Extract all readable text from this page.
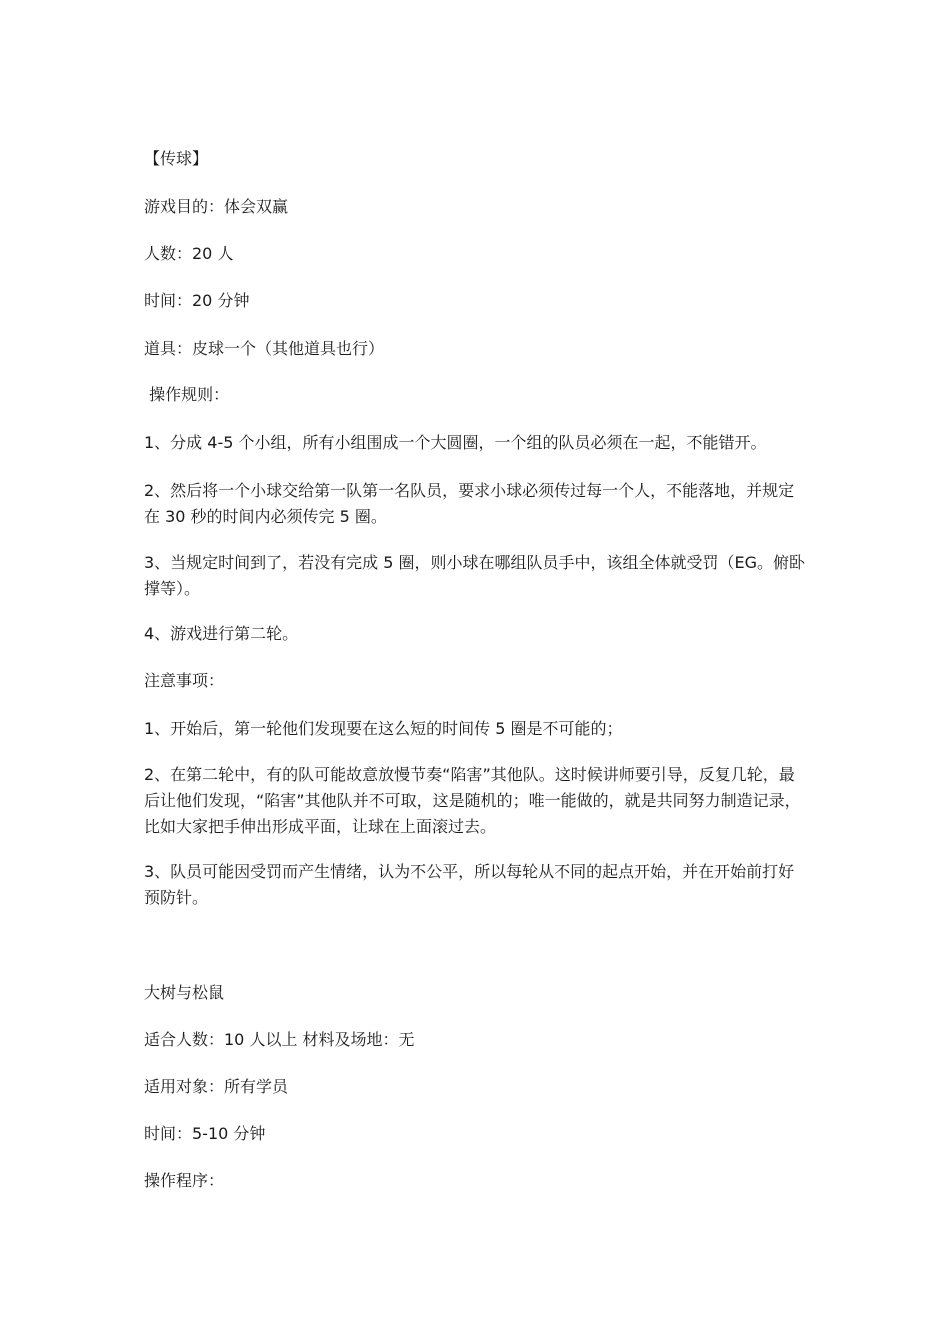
【传球】
游戏目的：体会双赢
人数：20 人
时间：20 分钟
道具：皮球一个（其他道具也行）
操作规则：
1、分成 4-5 个小组，所有小组围成一个大圆圈，一个组的队员必须在一起，不能错开。
2、然后将一个小球交给第一队第一名队员，要求小球必须传过每一个人，不能落地，并规定在 30 秒的时间内必须传完 5 圈。
3、当规定时间到了，若没有完成 5 圈，则小球在哪组队员手中，该组全体就受罚（EG。俯卧撑等）。
4、游戏进行第二轮。
注意事项：
1、开始后，第一轮他们发现要在这么短的时间传 5 圈是不可能的；
2、在第二轮中，有的队可能故意放慢节奏“陷害”其他队。这时候讲师要引导，反复几轮，最后让他们发现，“陷害”其他队并不可取，这是随机的；唯一能做的，就是共同努力制造记录，比如大家把手伸出形成平面，让球在上面滚过去。
3、队员可能因受罚而产生情绪，认为不公平，所以每轮从不同的起点开始，并在开始前打好预防针。
大树与松鼠
适合人数：10 人以上 材料及场地：无
适用对象：所有学员
时间：5-10 分钟
操作程序：
